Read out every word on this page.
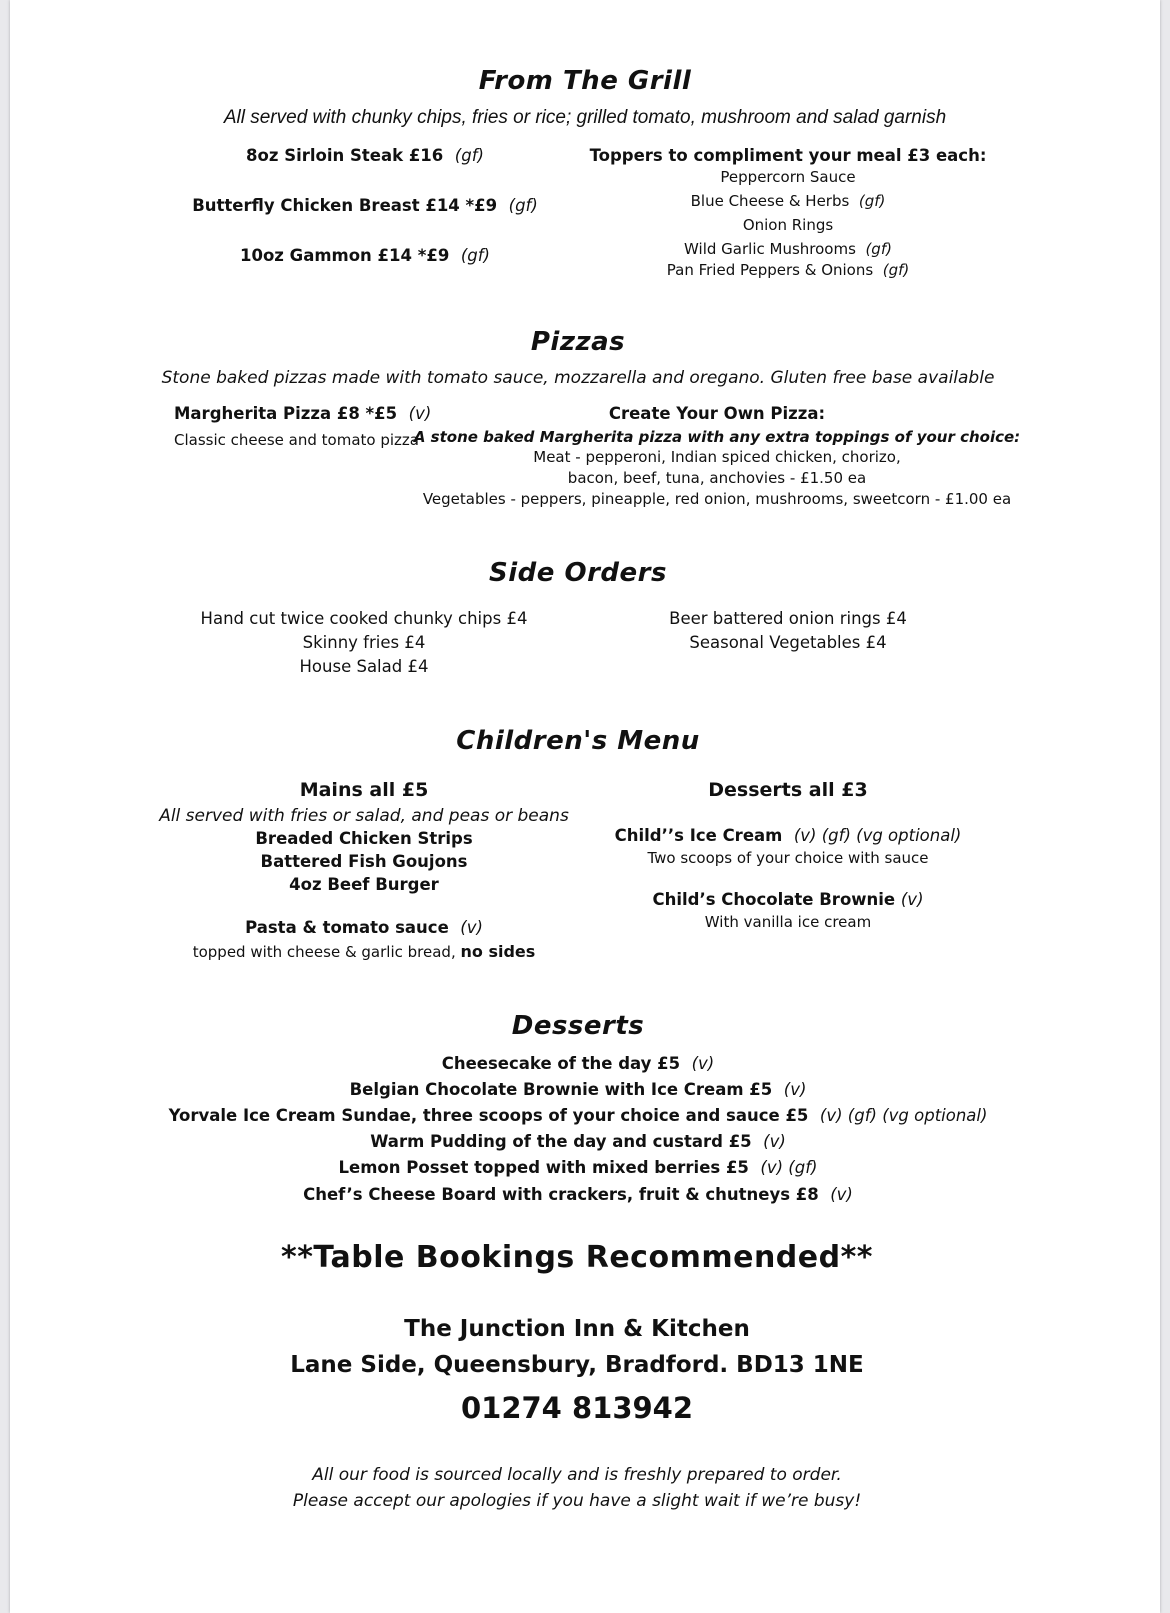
From The Grill
All served with chunky chips, fries or rice; grilled tomato, mushroom and salad garnish
8oz Sirloin Steak £16 (gf)
Butterfly Chicken Breast £14 *£9 (gf)
10oz Gammon £14 *£9 (gf)
Toppers to compliment your meal £3 each:
Peppercorn Sauce
Blue Cheese & Herbs (gf)
Onion Rings
Wild Garlic Mushrooms (gf)
Pan Fried Peppers & Onions (gf)
Pizzas
Stone baked pizzas made with tomato sauce, mozzarella and oregano. Gluten free base available
Margherita Pizza £8 *£5 (v)
Classic cheese and tomato pizza
Create Your Own Pizza:
A stone baked Margherita pizza with any extra toppings of your choice:
Meat - pepperoni, Indian spiced chicken, chorizo,
bacon, beef, tuna, anchovies - £1.50 ea
Vegetables - peppers, pineapple, red onion, mushrooms, sweetcorn - £1.00 ea
Side Orders
Hand cut twice cooked chunky chips £4
Skinny fries £4
House Salad £4
Beer battered onion rings £4
Seasonal Vegetables £4
Children's Menu
Mains all £5
All served with fries or salad, and peas or beans
Breaded Chicken Strips
Battered Fish Goujons
4oz Beef Burger
Pasta & tomato sauce (v)
topped with cheese & garlic bread, no sides
Desserts all £3
Child’’s Ice Cream (v) (gf) (vg optional)
Two scoops of your choice with sauce
Child’s Chocolate Brownie (v)
With vanilla ice cream
Desserts
Cheesecake of the day £5 (v)
Belgian Chocolate Brownie with Ice Cream £5 (v)
Yorvale Ice Cream Sundae, three scoops of your choice and sauce £5 (v) (gf) (vg optional)
Warm Pudding of the day and custard £5 (v)
Lemon Posset topped with mixed berries £5 (v) (gf)
Chef’s Cheese Board with crackers, fruit & chutneys £8 (v)
**Table Bookings Recommended**
The Junction Inn & Kitchen
Lane Side, Queensbury, Bradford. BD13 1NE
01274 813942
All our food is sourced locally and is freshly prepared to order.
Please accept our apologies if you have a slight wait if we’re busy!
